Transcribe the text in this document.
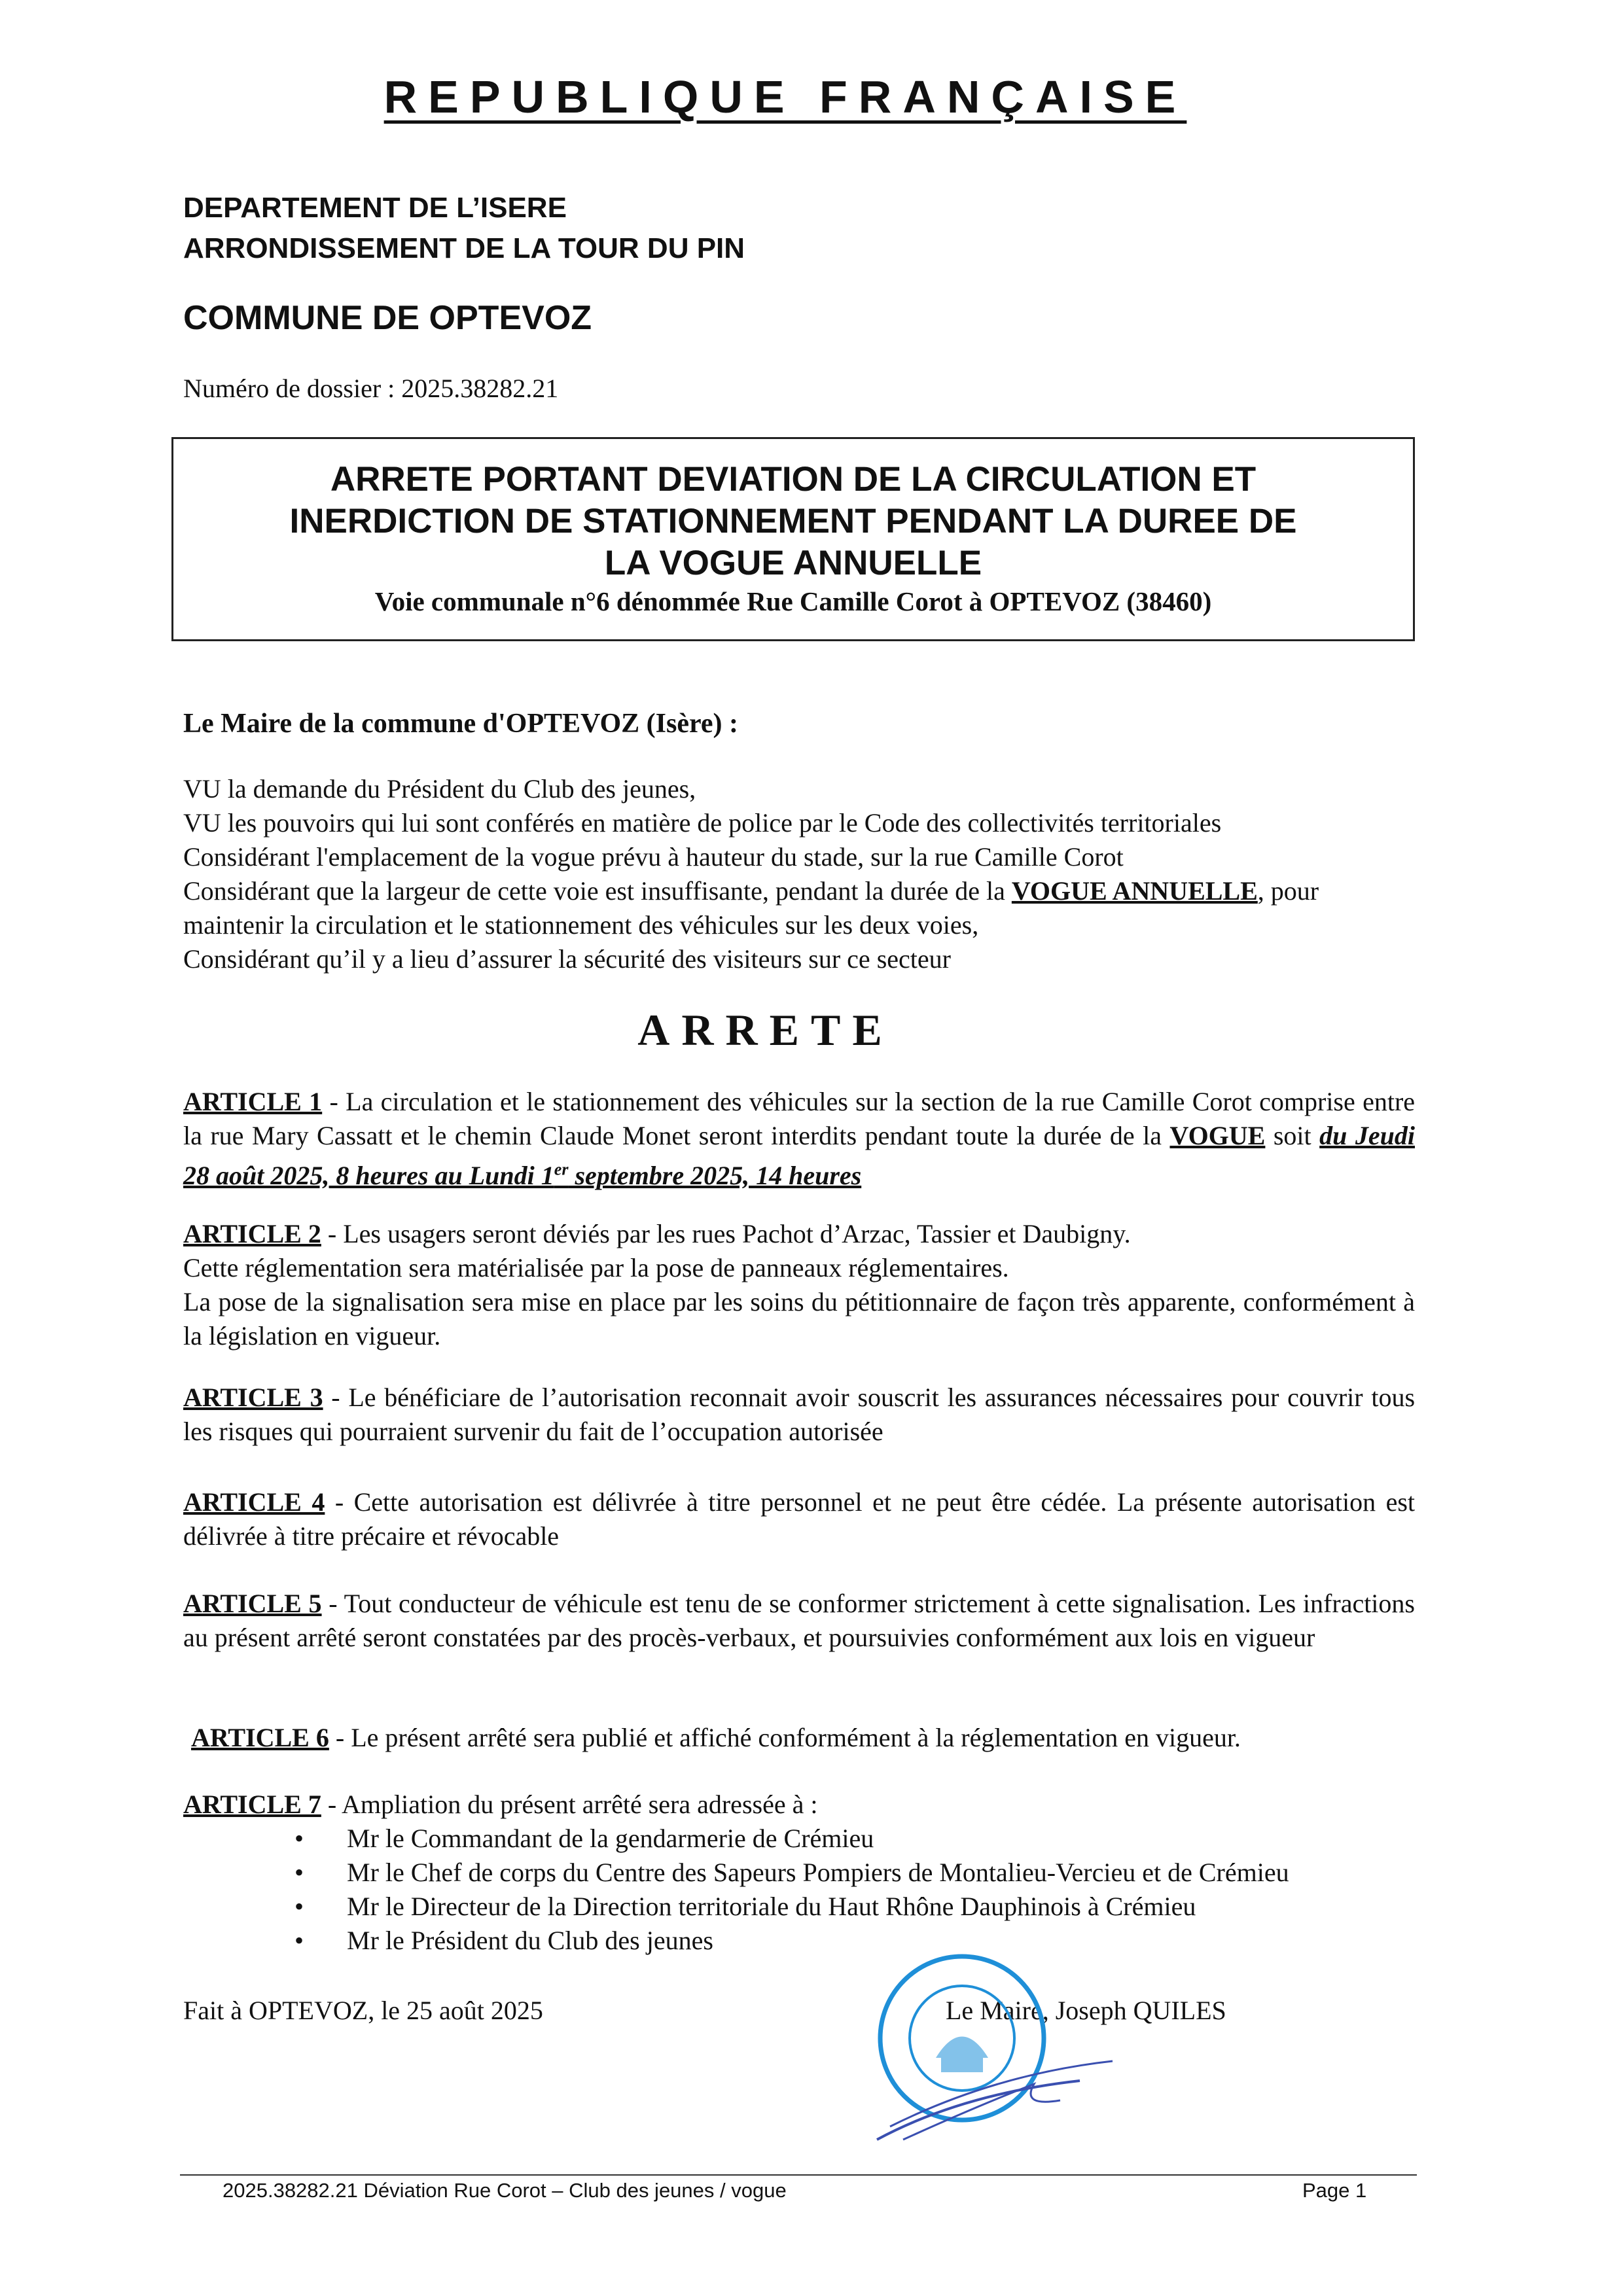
REPUBLIQUE FRANÇAISE
DEPARTEMENT DE L’ISERE
ARRONDISSEMENT DE LA TOUR DU PIN
COMMUNE DE OPTEVOZ
Numéro de dossier : 2025.38282.21
ARRETE PORTANT DEVIATION DE LA CIRCULATION ET
INERDICTION DE STATIONNEMENT PENDANT LA DUREE DE
LA VOGUE ANNUELLE
Voie communale n°6 dénommée Rue Camille Corot à OPTEVOZ (38460)
Le Maire de la commune d'OPTEVOZ (Isère) :
VU la demande du Président du Club des jeunes,
VU les pouvoirs qui lui sont conférés en matière de police par le Code des collectivités territoriales
Considérant l'emplacement de la vogue prévu à hauteur du stade, sur la rue Camille Corot
Considérant que la largeur de cette voie est insuffisante, pendant la durée de la VOGUE ANNUELLE, pour maintenir la circulation et le stationnement des véhicules sur les deux voies,
Considérant qu’il y a lieu d’assurer la sécurité des visiteurs sur ce secteur
ARRETE
ARTICLE 1 - La circulation et le stationnement des véhicules sur la section de la rue Camille Corot comprise entre la rue Mary Cassatt et le chemin Claude Monet seront interdits pendant toute la durée de la VOGUE soit du Jeudi 28 août 2025, 8 heures au Lundi 1er septembre 2025, 14 heures
ARTICLE 2 - Les usagers seront déviés par les rues Pachot d’Arzac, Tassier et Daubigny.
Cette réglementation sera matérialisée par la pose de panneaux réglementaires.
La pose de la signalisation sera mise en place par les soins du pétitionnaire de façon très apparente, conformément à la législation en vigueur.
ARTICLE 3 - Le bénéficiare de l’autorisation reconnait avoir souscrit les assurances nécessaires pour couvrir tous les risques qui pourraient survenir du fait de l’occupation autorisée
ARTICLE 4 - Cette autorisation est délivrée à titre personnel et ne peut être cédée. La présente autorisation est délivrée à titre précaire et révocable
ARTICLE 5 - Tout conducteur de véhicule est tenu de se conformer strictement à cette signalisation. Les infractions au présent arrêté seront constatées par des procès-verbaux, et poursuivies conformément aux lois en vigueur
ARTICLE 6 - Le présent arrêté sera publié et affiché conformément à la réglementation en vigueur.
ARTICLE 7 - Ampliation du présent arrêté sera adressée à :
• Mr le Commandant de la gendarmerie de Crémieu
• Mr le Chef de corps du Centre des Sapeurs Pompiers de Montalieu-Vercieu et de Crémieu
• Mr le Directeur de la Direction territoriale du Haut Rhône Dauphinois à Crémieu
• Mr le Président du Club des jeunes
Fait à OPTEVOZ, le 25 août 2025	Le Maire, Joseph QUILES
2025.38282.21 Déviation Rue Corot – Club des jeunes / vogue	Page 1
